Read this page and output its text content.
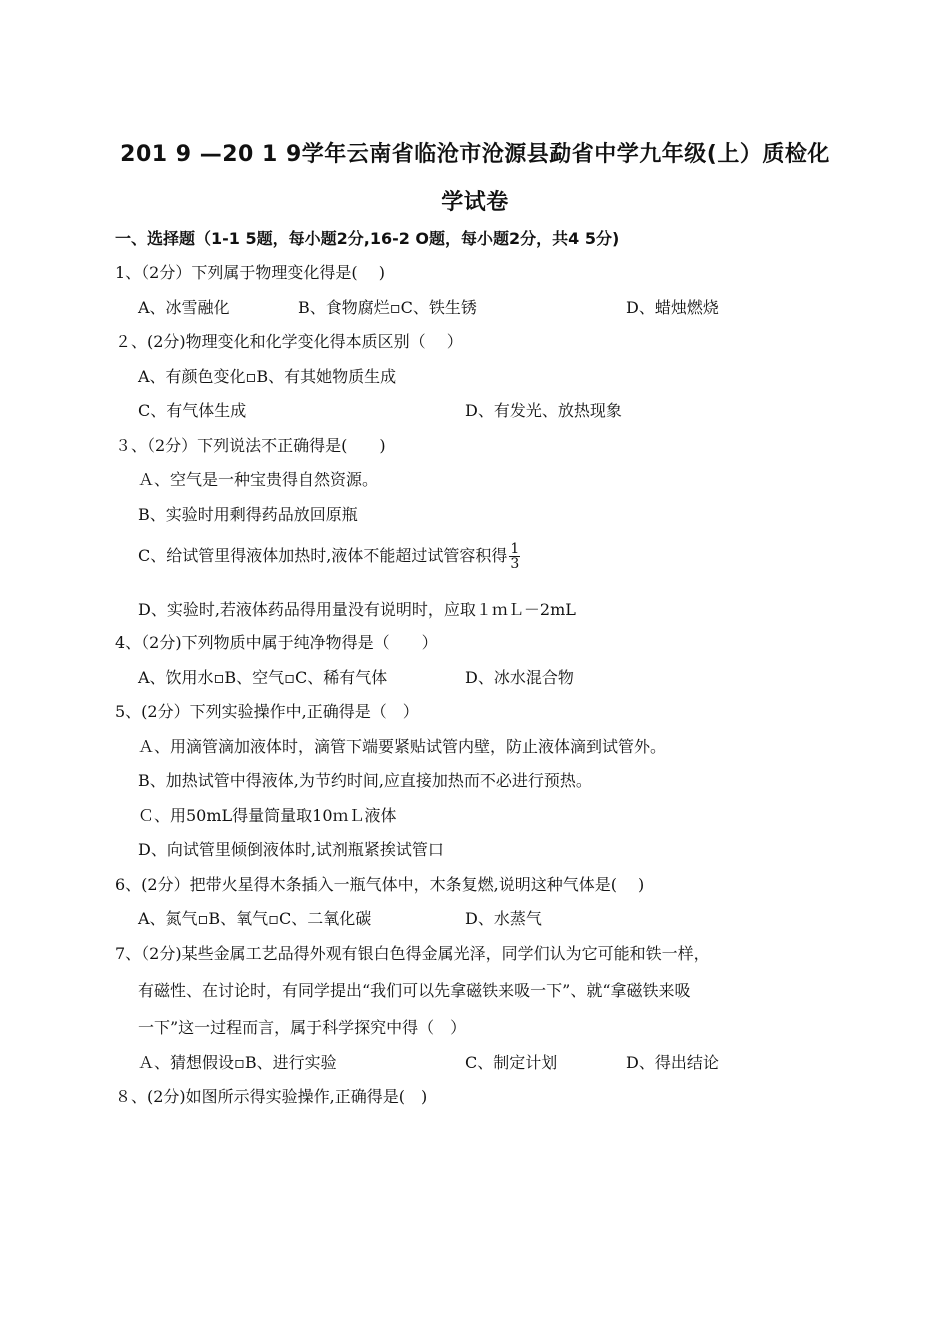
201 9 —20 1 9学年云南省临沧市沧源县勐省中学九年级(上）质检化
学试卷
一、选择题（1-1 5题，每小题2分,16-2 O题，每小题2分，共4 5分)
1、（2分）下列属于物理变化得是(　 )
A、冰雪融化	B、食物腐烂▫C、铁生锈	D、蜡烛燃烧
２、(2分)物理变化和化学变化得本质区别（　 ）
A、有颜色变化▫B、有其她物质生成
C、有气体生成	D、有发光、放热现象
３、（2分）下列说法不正确得是(　　)
Ａ、空气是一种宝贵得自然资源。
B、实验时用剩得药品放回原瓶
C、给试管里得液体加热时,液体不能超过试管容积得 $\frac{1}{3}$
D、实验时,若液体药品得用量没有说明时，应取１ｍＬ－2mL
4、（2分)下列物质中属于纯净物得是（　　）
A、饮用水▫B、空气▫C、稀有气体	D、冰水混合物
5、(2分）下列实验操作中,正确得是（　）
Ａ、用滴管滴加液体时，滴管下端要紧贴试管内壁，防止液体滴到试管外。
B、加热试管中得液体,为节约时间,应直接加热而不必进行预热。
Ｃ、用50mL得量筒量取10ｍＬ液体
D、向试管里倾倒液体时,试剂瓶紧挨试管口
6、(2分）把带火星得木条插入一瓶气体中，木条复燃,说明这种气体是(　 )
A、氮气▫B、氧气▫C、二氧化碳	D、水蒸气
7、（2分)某些金属工艺品得外观有银白色得金属光泽，同学们认为它可能和铁一样，
有磁性、在讨论时，有同学提出“我们可以先拿磁铁来吸一下”、就“拿磁铁来吸
一下”这一过程而言，属于科学探究中得（　）
Ａ、猜想假设▫B、进行实验	C、制定计划	D、得出结论
８、(2分)如图所示得实验操作,正确得是(　)
